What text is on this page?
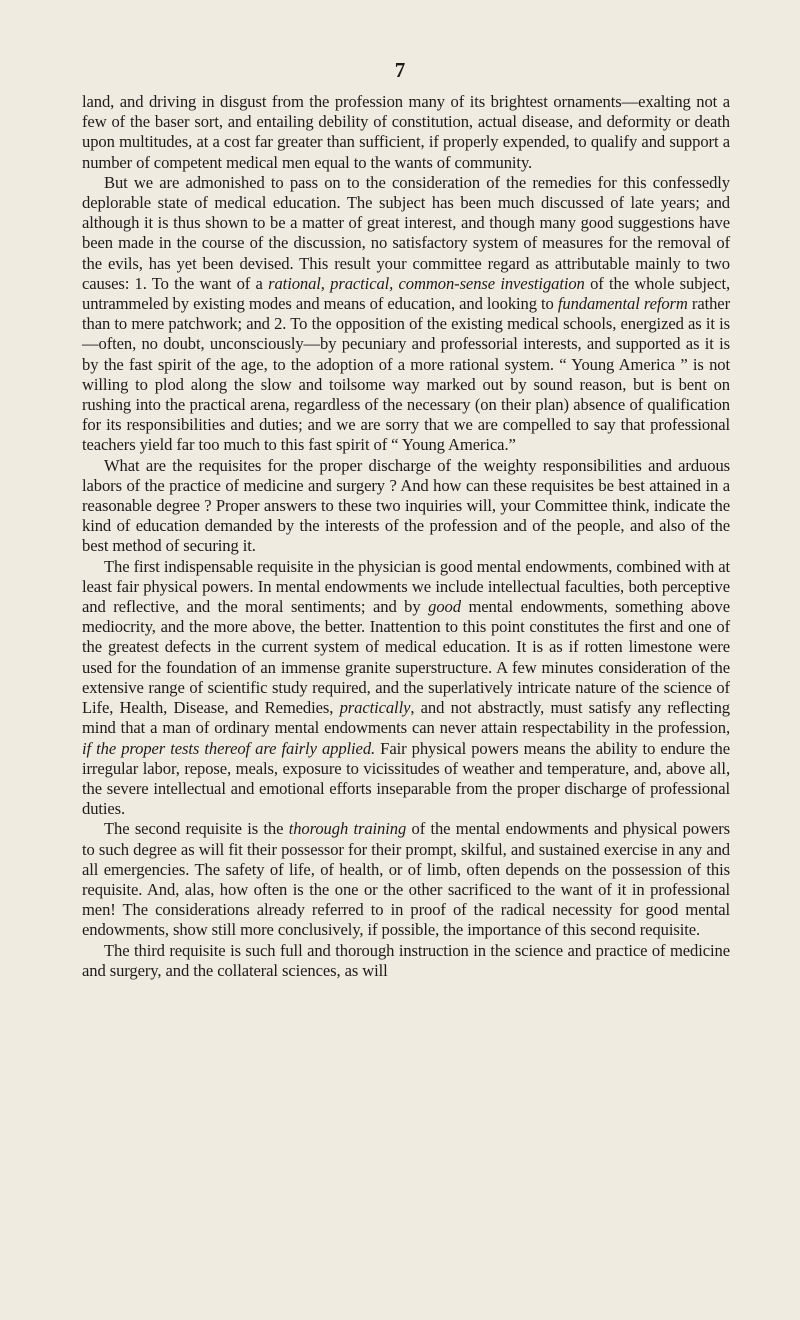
7

land, and driving in disgust from the profession many of its brightest ornaments—exalting not a few of the baser sort, and entailing debility of constitution, actual disease, and deformity or death upon multitudes, at a cost far greater than sufficient, if properly expended, to qualify and support a number of competent medical men equal to the wants of community.

But we are admonished to pass on to the consideration of the remedies for this confessedly deplorable state of medical education. The subject has been much discussed of late years; and although it is thus shown to be a matter of great interest, and though many good suggestions have been made in the course of the discussion, no satisfactory system of measures for the removal of the evils, has yet been devised. This result your committee regard as attributable mainly to two causes: 1. To the want of a rational, practical, common-sense investigation of the whole subject, untrammeled by existing modes and means of education, and looking to fundamental reform rather than to mere patchwork; and 2. To the opposition of the existing medical schools, energized as it is—often, no doubt, unconsciously—by pecuniary and professorial interests, and supported as it is by the fast spirit of the age, to the adoption of a more rational system. “ Young America ” is not willing to plod along the slow and toilsome way marked out by sound reason, but is bent on rushing into the practical arena, regardless of the necessary (on their plan) absence of qualification for its responsibilities and duties; and we are sorry that we are compelled to say that professional teachers yield far too much to this fast spirit of “ Young America.”

What are the requisites for the proper discharge of the weighty responsibilities and arduous labors of the practice of medicine and surgery ? And how can these requisites be best attained in a reasonable degree ? Proper answers to these two inquiries will, your Committee think, indicate the kind of education demanded by the interests of the profession and of the people, and also of the best method of securing it.

The first indispensable requisite in the physician is good mental endowments, combined with at least fair physical powers. In mental endowments we include intellectual faculties, both perceptive and reflective, and the moral sentiments; and by good mental endowments, something above mediocrity, and the more above, the better. Inattention to this point constitutes the first and one of the greatest defects in the current system of medical education. It is as if rotten limestone were used for the foundation of an immense granite superstructure. A few minutes consideration of the extensive range of scientific study required, and the superlatively intricate nature of the science of Life, Health, Disease, and Remedies, practically, and not abstractly, must satisfy any reflecting mind that a man of ordinary mental endowments can never attain respectability in the profession, if the proper tests thereof are fairly applied. Fair physical powers means the ability to endure the irregular labor, repose, meals, exposure to vicissitudes of weather and temperature, and, above all, the severe intellectual and emotional efforts inseparable from the proper discharge of professional duties.

The second requisite is the thorough training of the mental endowments and physical powers to such degree as will fit their possessor for their prompt, skilful, and sustained exercise in any and all emergencies. The safety of life, of health, or of limb, often depends on the possession of this requisite. And, alas, how often is the one or the other sacrificed to the want of it in professional men! The considerations already referred to in proof of the radical necessity for good mental endowments, show still more conclusively, if possible, the importance of this second requisite.

The third requisite is such full and thorough instruction in the science and practice of medicine and surgery, and the collateral sciences, as will
